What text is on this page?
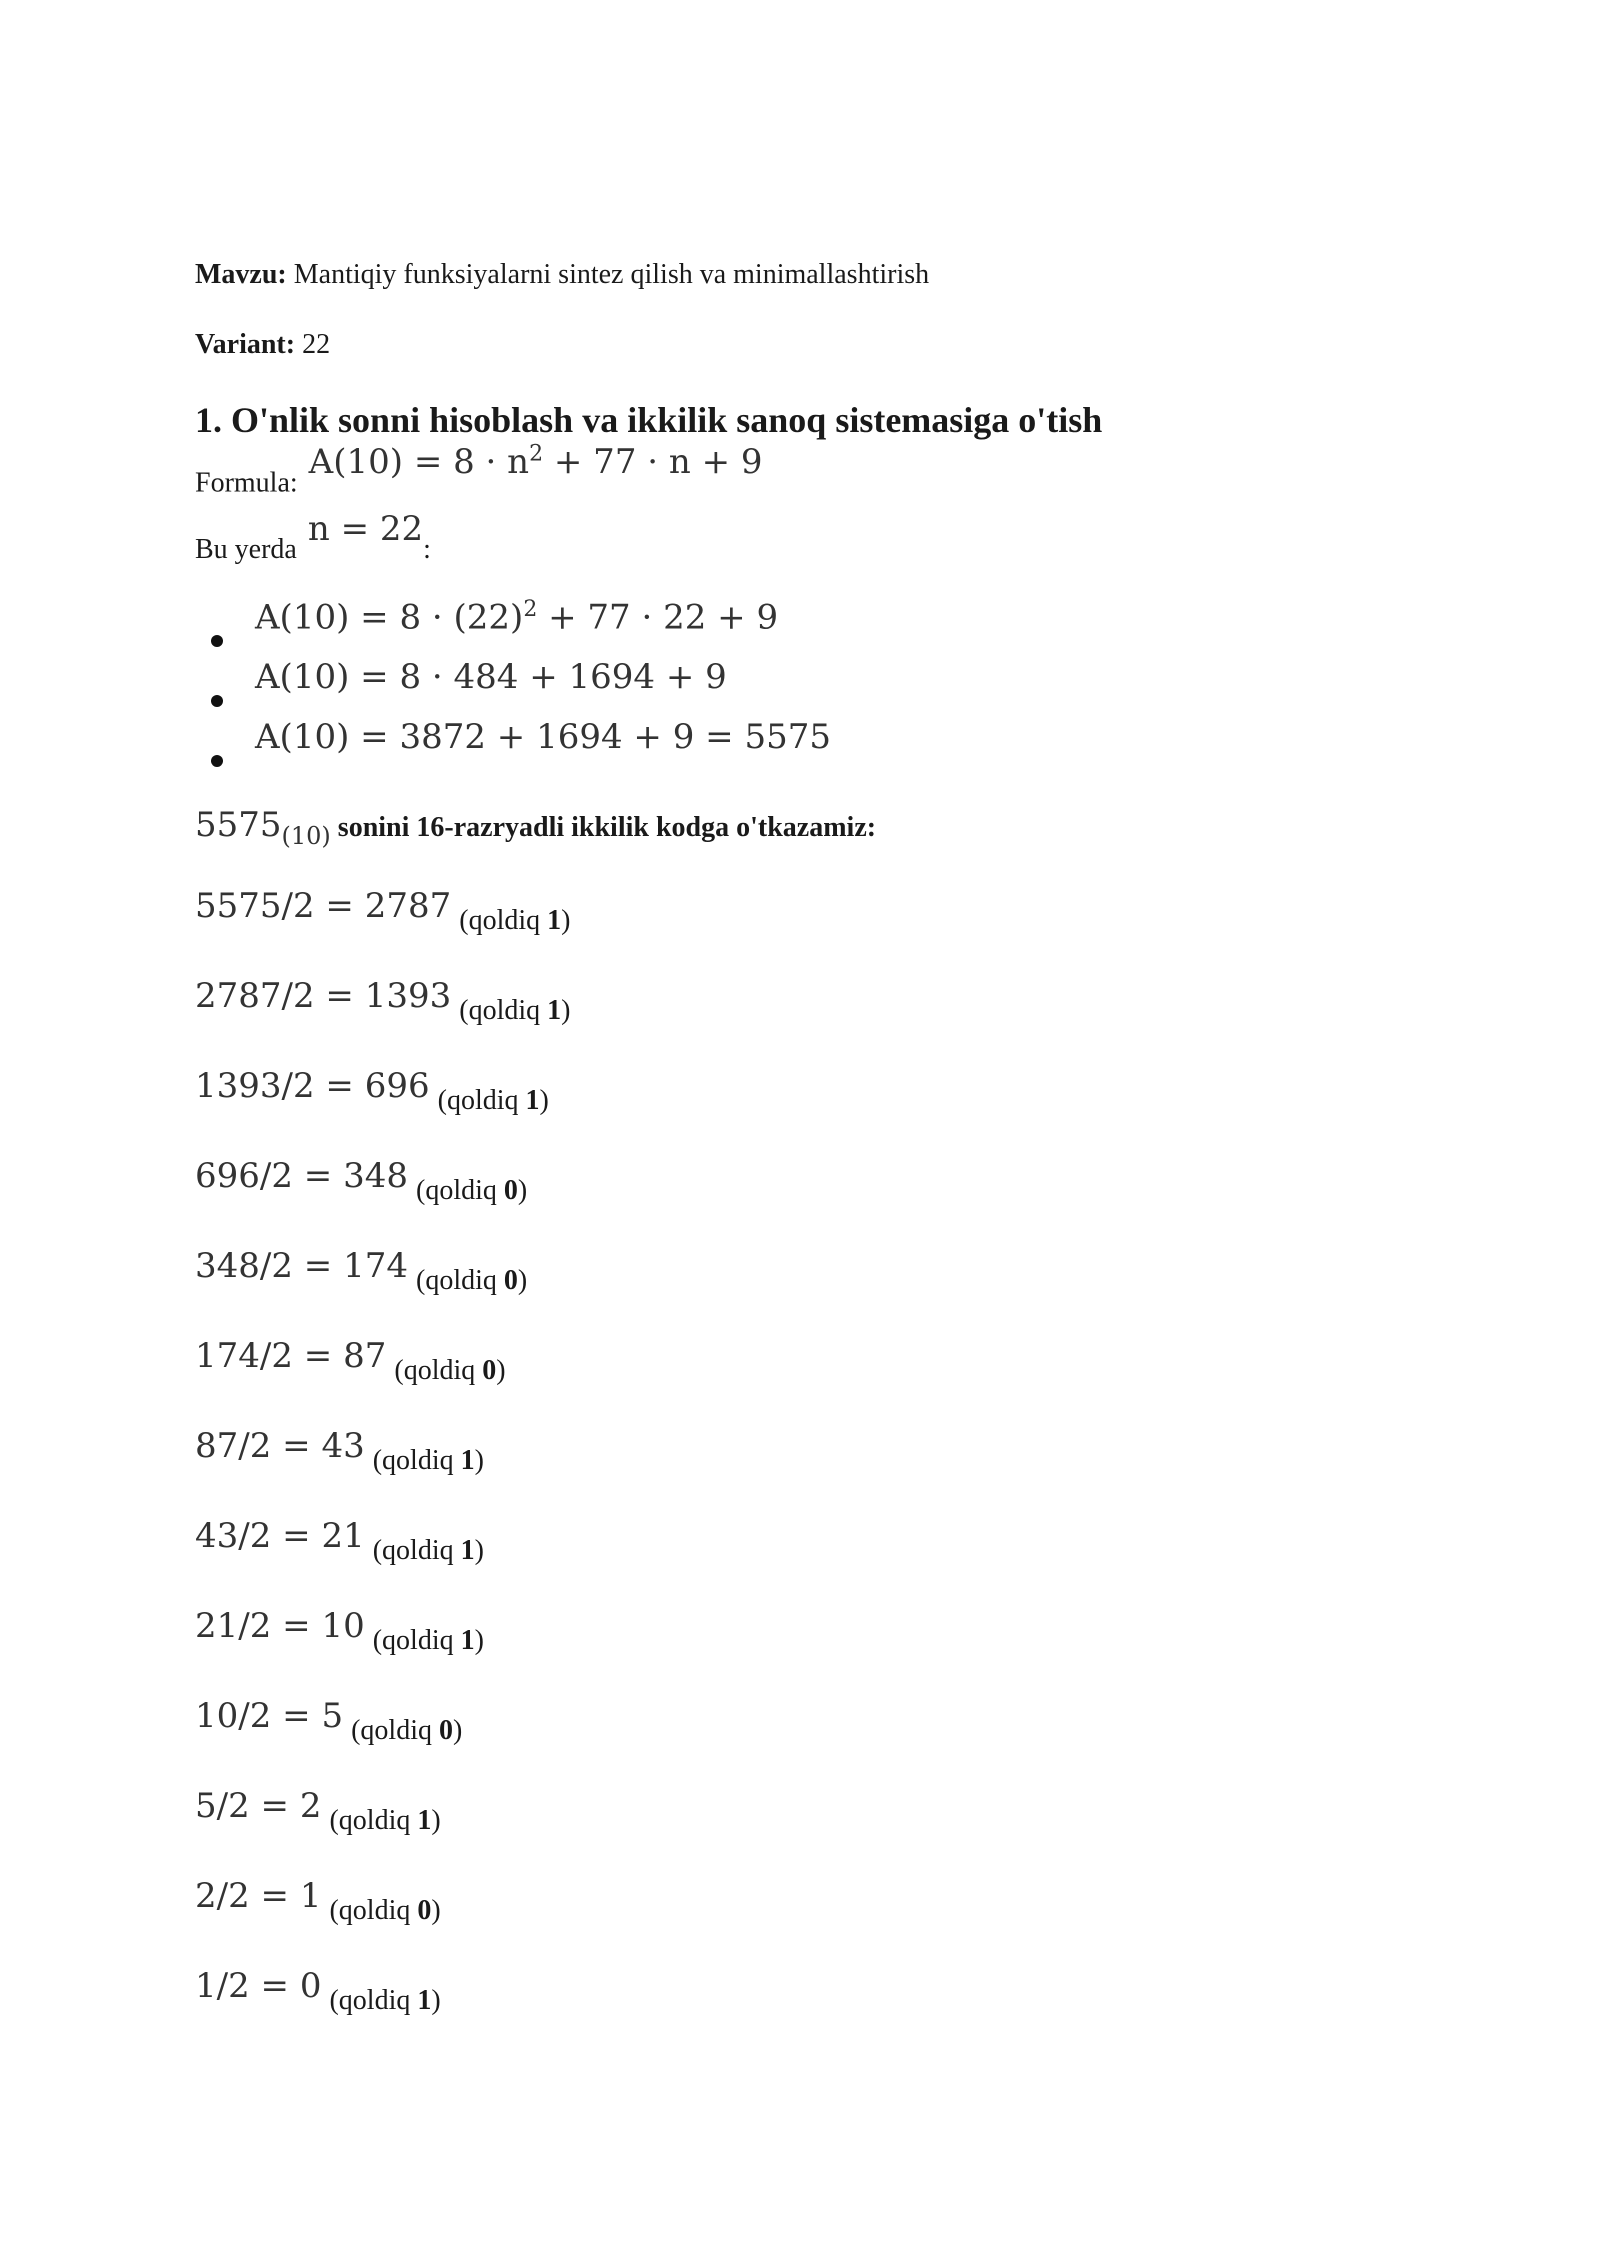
Mavzu: Mantiqiy funksiyalarni sintez qilish va minimallashtirish

Variant: 22

1. O'nlik sonni hisoblash va ikkilik sanoq sistemasiga o'tish

Formula: $A(10) = 8 \cdot n^2 + 77 \cdot n + 9$

Bu yerda n = 22:

$A(10) = 8 \cdot (22)^2 + 77 \cdot 22 + 9$
A(10) = 8 · 484 + 1694 + 9
A(10) = 3872 + 1694 + 9 = 5575

$5575_{(10)}$ sonini 16-razryadli ikkilik kodga o'tkazamiz:

5575/2 = 2787 (qoldiq 1)
2787/2 = 1393 (qoldiq 1)
1393/2 = 696 (qoldiq 1)
696/2 = 348 (qoldiq 0)
348/2 = 174 (qoldiq 0)
174/2 = 87 (qoldiq 0)
87/2 = 43 (qoldiq 1)
43/2 = 21 (qoldiq 1)
21/2 = 10 (qoldiq 1)
10/2 = 5 (qoldiq 0)
5/2 = 2 (qoldiq 1)
2/2 = 1 (qoldiq 0)
1/2 = 0 (qoldiq 1)
